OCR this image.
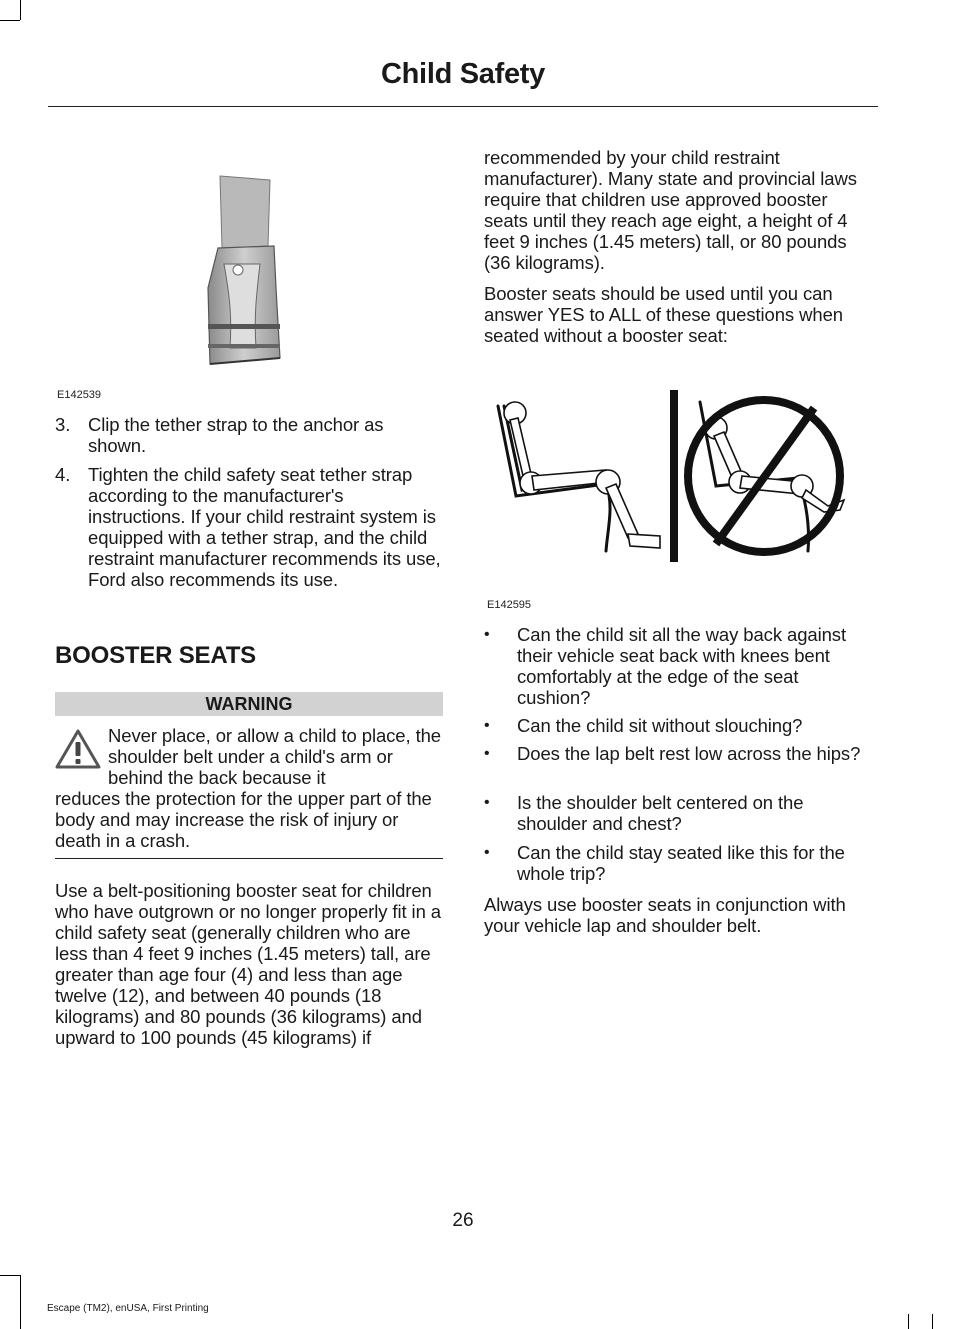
Child Safety
E142539
3. Clip the tether strap to the anchor as shown.
4. Tighten the child safety seat tether strap according to the manufacturer's instructions. If your child restraint system is equipped with a tether strap, and the child restraint manufacturer recommends its use, Ford also recommends its use.
BOOSTER SEATS
WARNING
Never place, or allow a child to place, the shoulder belt under a child's arm or behind the back because it
reduces the protection for the upper part of the body and may increase the risk of injury or death in a crash.
Use a belt-positioning booster seat for children who have outgrown or no longer properly fit in a child safety seat (generally children who are less than 4 feet 9 inches (1.45 meters) tall, are greater than age four (4) and less than age twelve (12), and between 40 pounds (18 kilograms) and 80 pounds (36 kilograms) and upward to 100 pounds (45 kilograms) if
recommended by your child restraint manufacturer). Many state and provincial laws require that children use approved booster seats until they reach age eight, a height of 4 feet 9 inches (1.45 meters) tall, or 80 pounds (36 kilograms).
Booster seats should be used until you can answer YES to ALL of these questions when seated without a booster seat:
E142595
• Can the child sit all the way back against their vehicle seat back with knees bent comfortably at the edge of the seat cushion?
• Can the child sit without slouching?
• Does the lap belt rest low across the hips?
• Is the shoulder belt centered on the shoulder and chest?
• Can the child stay seated like this for the whole trip?
Always use booster seats in conjunction with your vehicle lap and shoulder belt.
26
Escape (TM2), enUSA, First Printing
